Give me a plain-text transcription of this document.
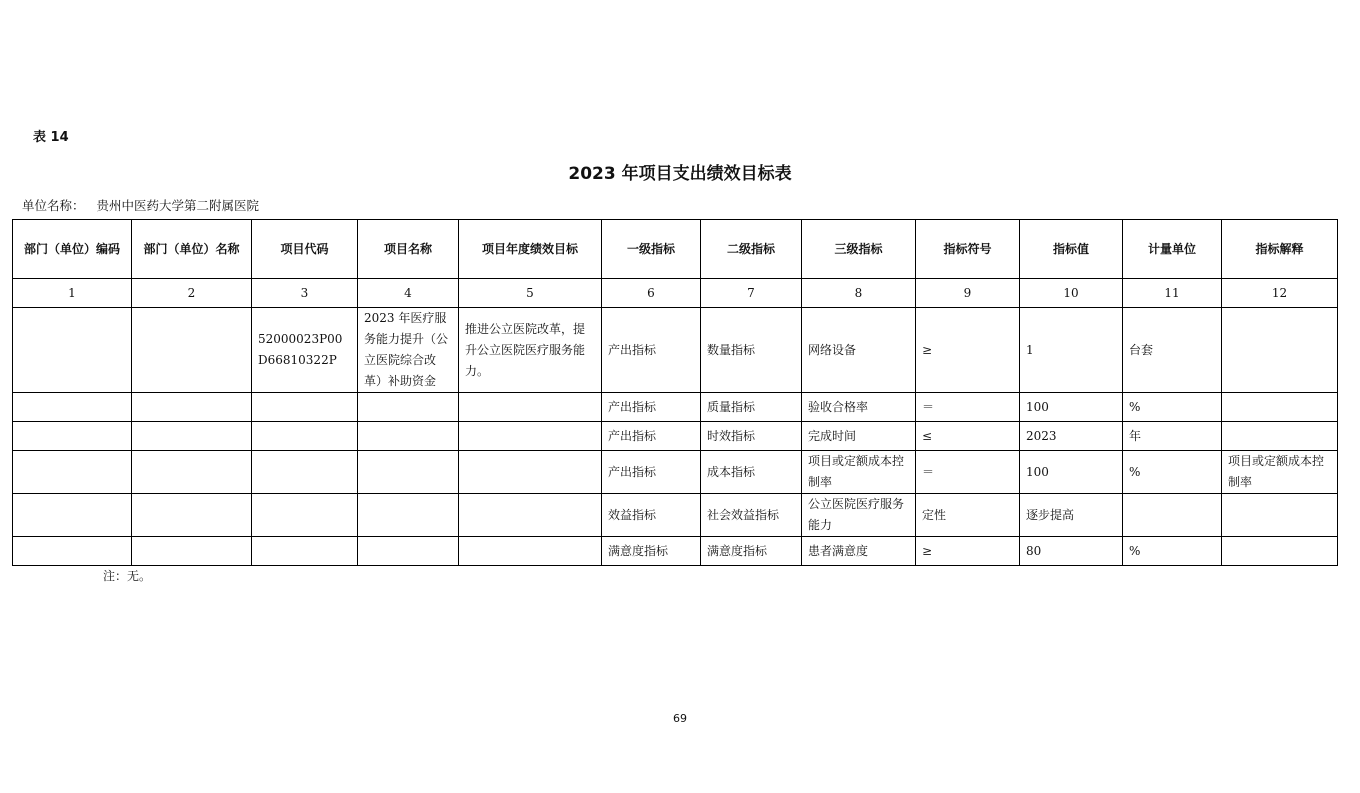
表 14
2023 年项目支出绩效目标表
单位名称： 贵州中医药大学第二附属医院
部门（单位）编码	部门（单位）名称	项目代码	项目名称	项目年度绩效目标	一级指标	二级指标	三级指标	指标符号	指标值	计量单位	指标解释
1	2	3	4	5	6	7	8	9	10	11	12
		52000023P00D66810322P	2023 年医疗服务能力提升（公立医院综合改革）补助资金	推进公立医院改革，提升公立医院医疗服务能力。	产出指标	数量指标	网络设备	≥	1	台套	
					产出指标	质量指标	验收合格率	＝	100	%	
					产出指标	时效指标	完成时间	≤	2023	年	
					产出指标	成本指标	项目或定额成本控制率	＝	100	%	项目或定额成本控制率
					效益指标	社会效益指标	公立医院医疗服务能力	定性	逐步提高		
					满意度指标	满意度指标	患者满意度	≥	80	%	
注：无。
69
